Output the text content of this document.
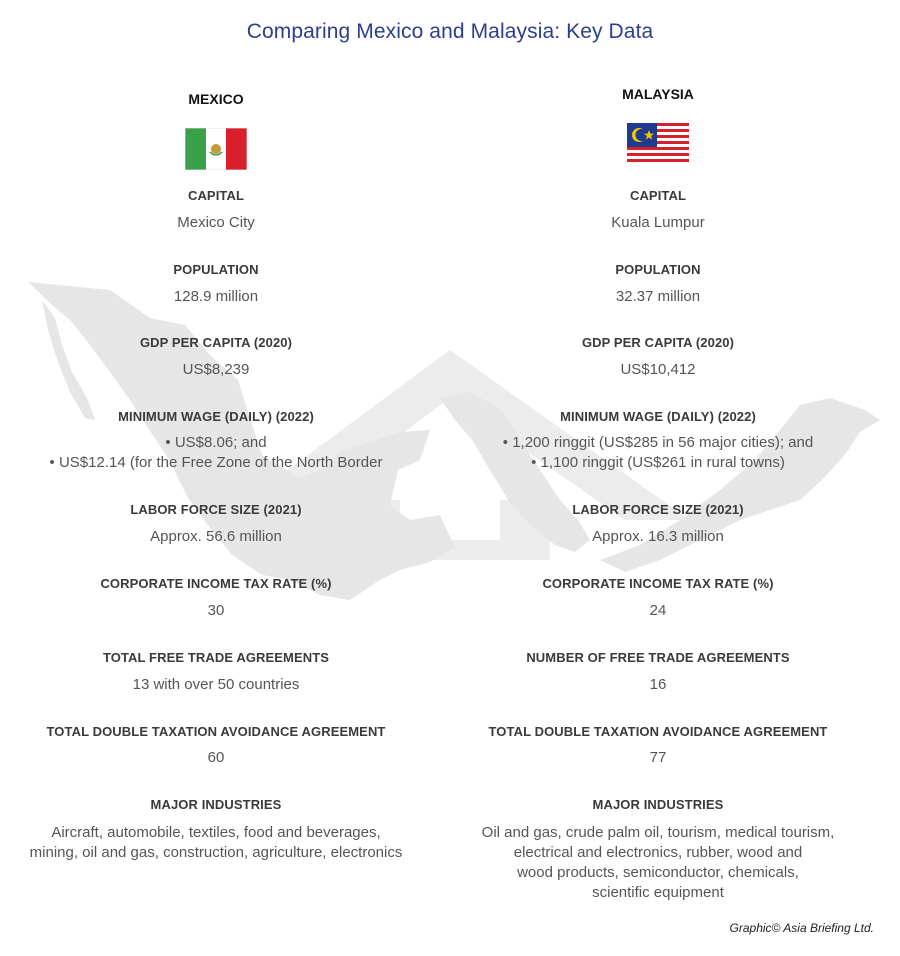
Comparing Mexico and Malaysia: Key Data
MEXICO
CAPITAL
Mexico City
POPULATION
128.9 million
GDP PER CAPITA (2020)
US$8,239
MINIMUM WAGE (DAILY) (2022)
• US$8.06; and
• US$12.14 (for the Free Zone of the North Border
LABOR FORCE SIZE (2021)
Approx. 56.6 million
CORPORATE INCOME TAX RATE (%)
30
TOTAL FREE TRADE AGREEMENTS
13 with over 50 countries
TOTAL DOUBLE TAXATION AVOIDANCE AGREEMENT
60
MAJOR INDUSTRIES
Aircraft, automobile, textiles, food and beverages,
mining, oil and gas, construction, agriculture, electronics
MALAYSIA
CAPITAL
Kuala Lumpur
POPULATION
32.37 million
GDP PER CAPITA (2020)
US$10,412
MINIMUM WAGE (DAILY) (2022)
• 1,200 ringgit (US$285 in 56 major cities); and
• 1,100 ringgit (US$261 in rural towns)
LABOR FORCE SIZE (2021)
Approx. 16.3 million
CORPORATE INCOME TAX RATE (%)
24
NUMBER OF FREE TRADE AGREEMENTS
16
TOTAL DOUBLE TAXATION AVOIDANCE AGREEMENT
77
MAJOR INDUSTRIES
Oil and gas, crude palm oil, tourism, medical tourism,
electrical and electronics, rubber, wood and
wood products, semiconductor, chemicals,
scientific equipment
Graphic© Asia Briefing Ltd.
